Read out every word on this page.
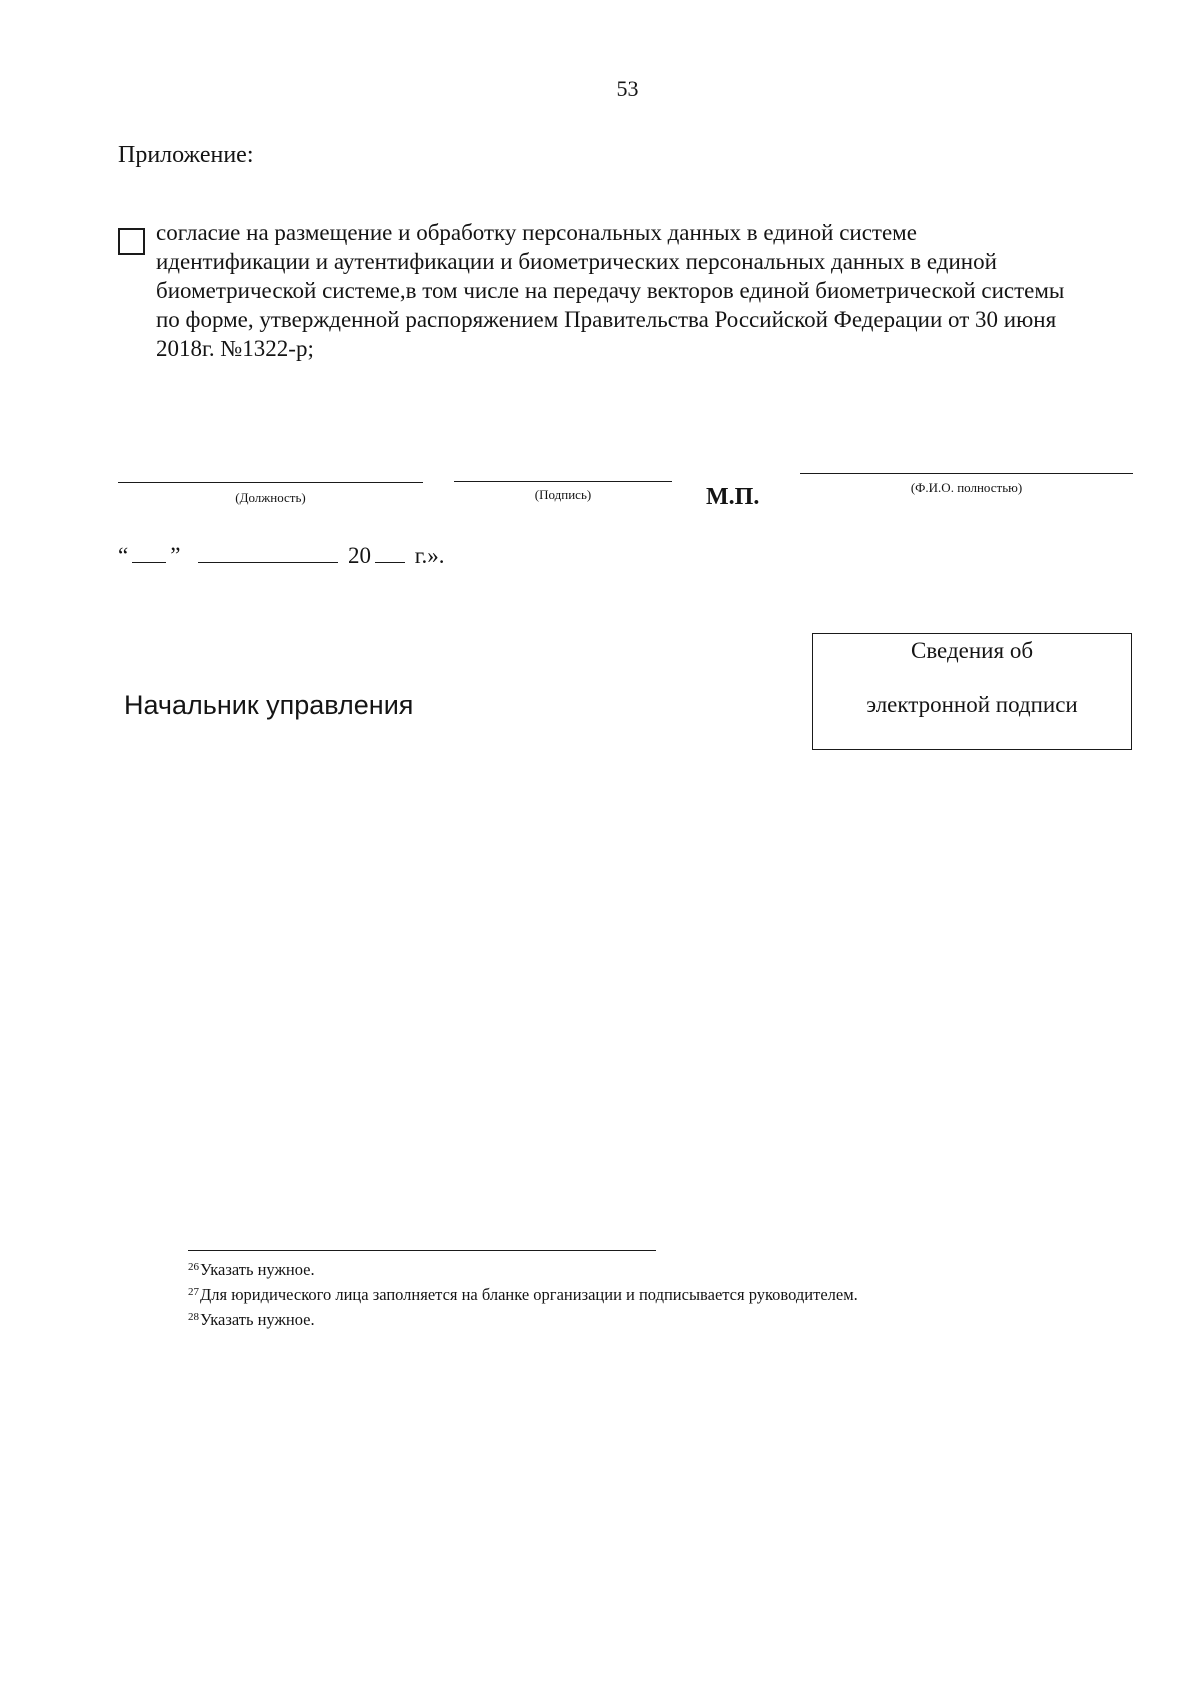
53
Приложение:

согласие на размещение и обработку персональных данных в единой системе
идентификации и аутентификации и биометрических персональных данных в единой
биометрической системе,в том числе на передачу векторов единой биометрической системы
по форме, утвержденной распоряжением Правительства Российской Федерации от 30 июня
2018г. №1322-р;

(Должность)	(Подпись)	М.П.	(Ф.И.О. полностью)
“ ”	20 г.».
Начальник управления
Сведения об
электронной подписи
$^{26}$Указать нужное.
$^{27}$Для юридического лица заполняется на бланке организации и подписывается руководителем.
$^{28}$Указать нужное.
